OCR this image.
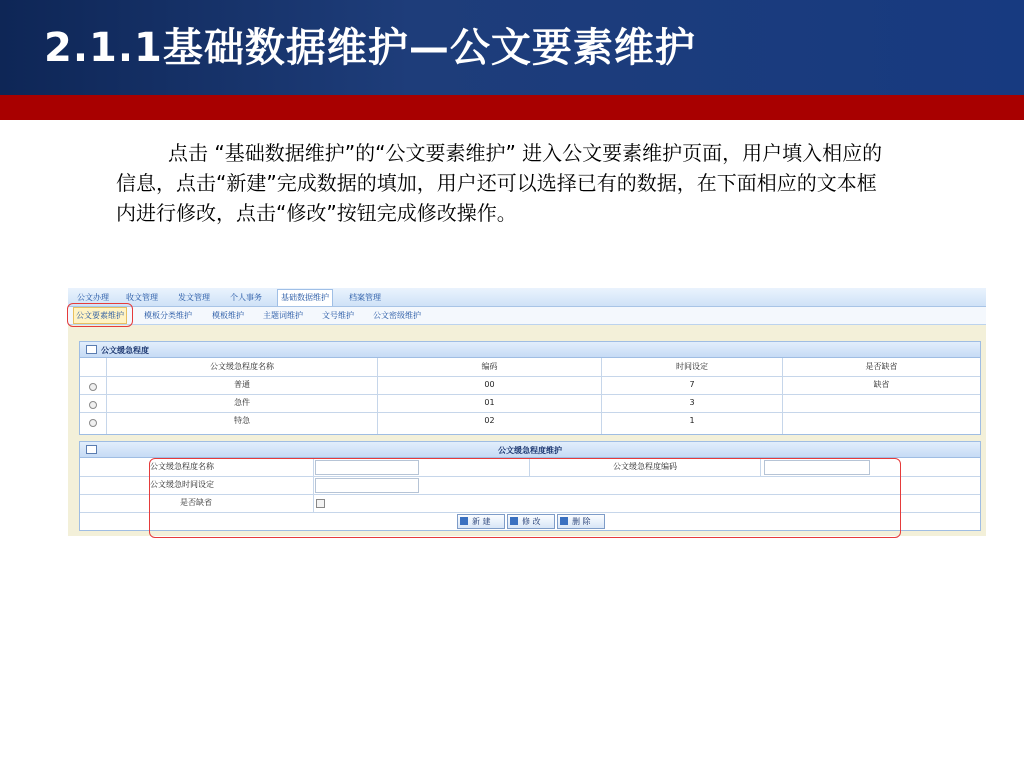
2.1.1基础数据维护—公文要素维护
点击 “基础数据维护”的“公文要素维护” 进入公文要素维护页面，用户填入相应的信息，点击“新建”完成数据的填加，用户还可以选择已有的数据，在下面相应的文本框内进行修改，点击“修改”按钮完成修改操作。
公文办理 收文管理	发文管理	个人事务	基础数据维护	档案管理
公文要素维护	模板分类维护	模板维护 主题词维护 文号维护 公文密级维护
公文缓急程度
公文缓急程度名称	编码	时间设定	是否缺省
普通	00	7	缺省
急件	01	3
特急	02	1
公文缓急程度维护
公文缓急程度名称	公文缓急程度编码
公文缓急时间设定
是否缺省
新 建	修 改	删 除
